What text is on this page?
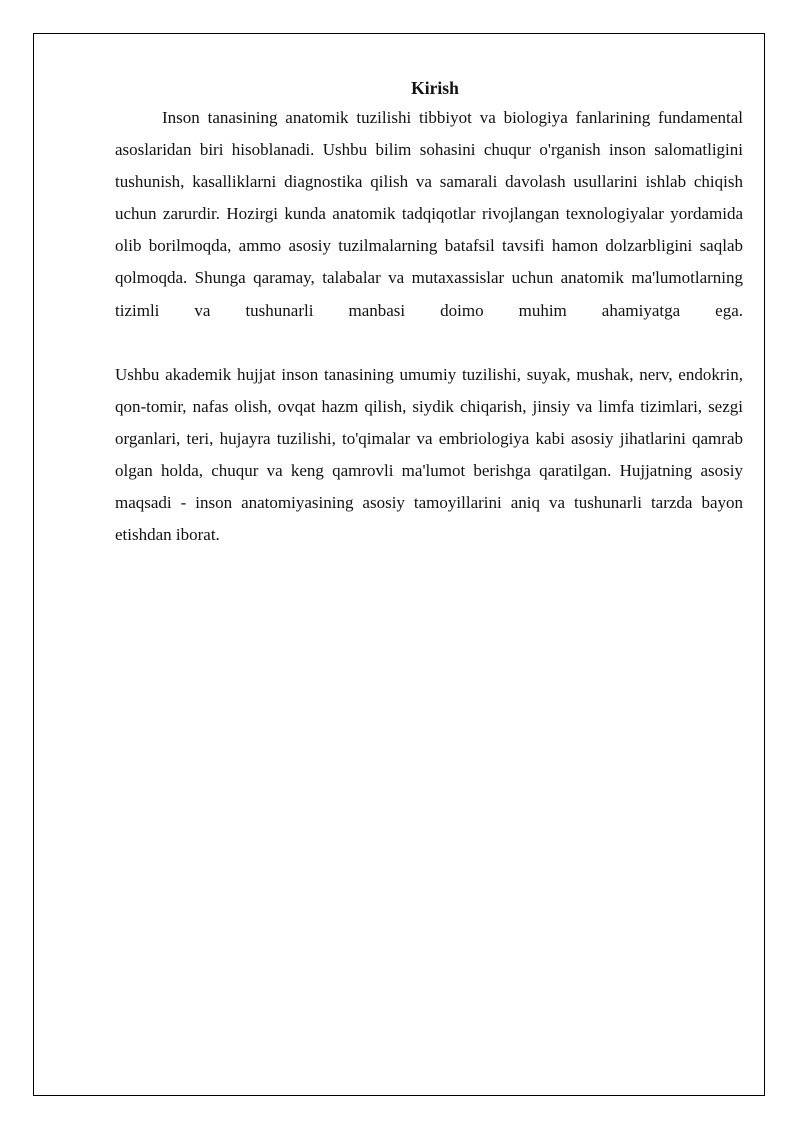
Kirish

Inson tanasining anatomik tuzilishi tibbiyot va biologiya fanlarining fundamental asoslaridan biri hisoblanadi. Ushbu bilim sohasini chuqur o'rganish inson salomatligini tushunish, kasalliklarni diagnostika qilish va samarali davolash usullarini ishlab chiqish uchun zarurdir. Hozirgi kunda anatomik tadqiqotlar rivojlangan texnologiyalar yordamida olib borilmoqda, ammo asosiy tuzilmalarning batafsil tavsifi hamon dolzarbligini saqlab qolmoqda. Shunga qaramay, talabalar va mutaxassislar uchun anatomik ma'lumotlarning tizimli va tushunarli manbasi doimo muhim ahamiyatga ega.

Ushbu akademik hujjat inson tanasining umumiy tuzilishi, suyak, mushak, nerv, endokrin, qon-tomir, nafas olish, ovqat hazm qilish, siydik chiqarish, jinsiy va limfa tizimlari, sezgi organlari, teri, hujayra tuzilishi, to'qimalar va embriologiya kabi asosiy jihatlarini qamrab olgan holda, chuqur va keng qamrovli ma'lumot berishga qaratilgan. Hujjatning asosiy maqsadi - inson anatomiyasining asosiy tamoyillarini aniq va tushunarli tarzda bayon etishdan iborat.
